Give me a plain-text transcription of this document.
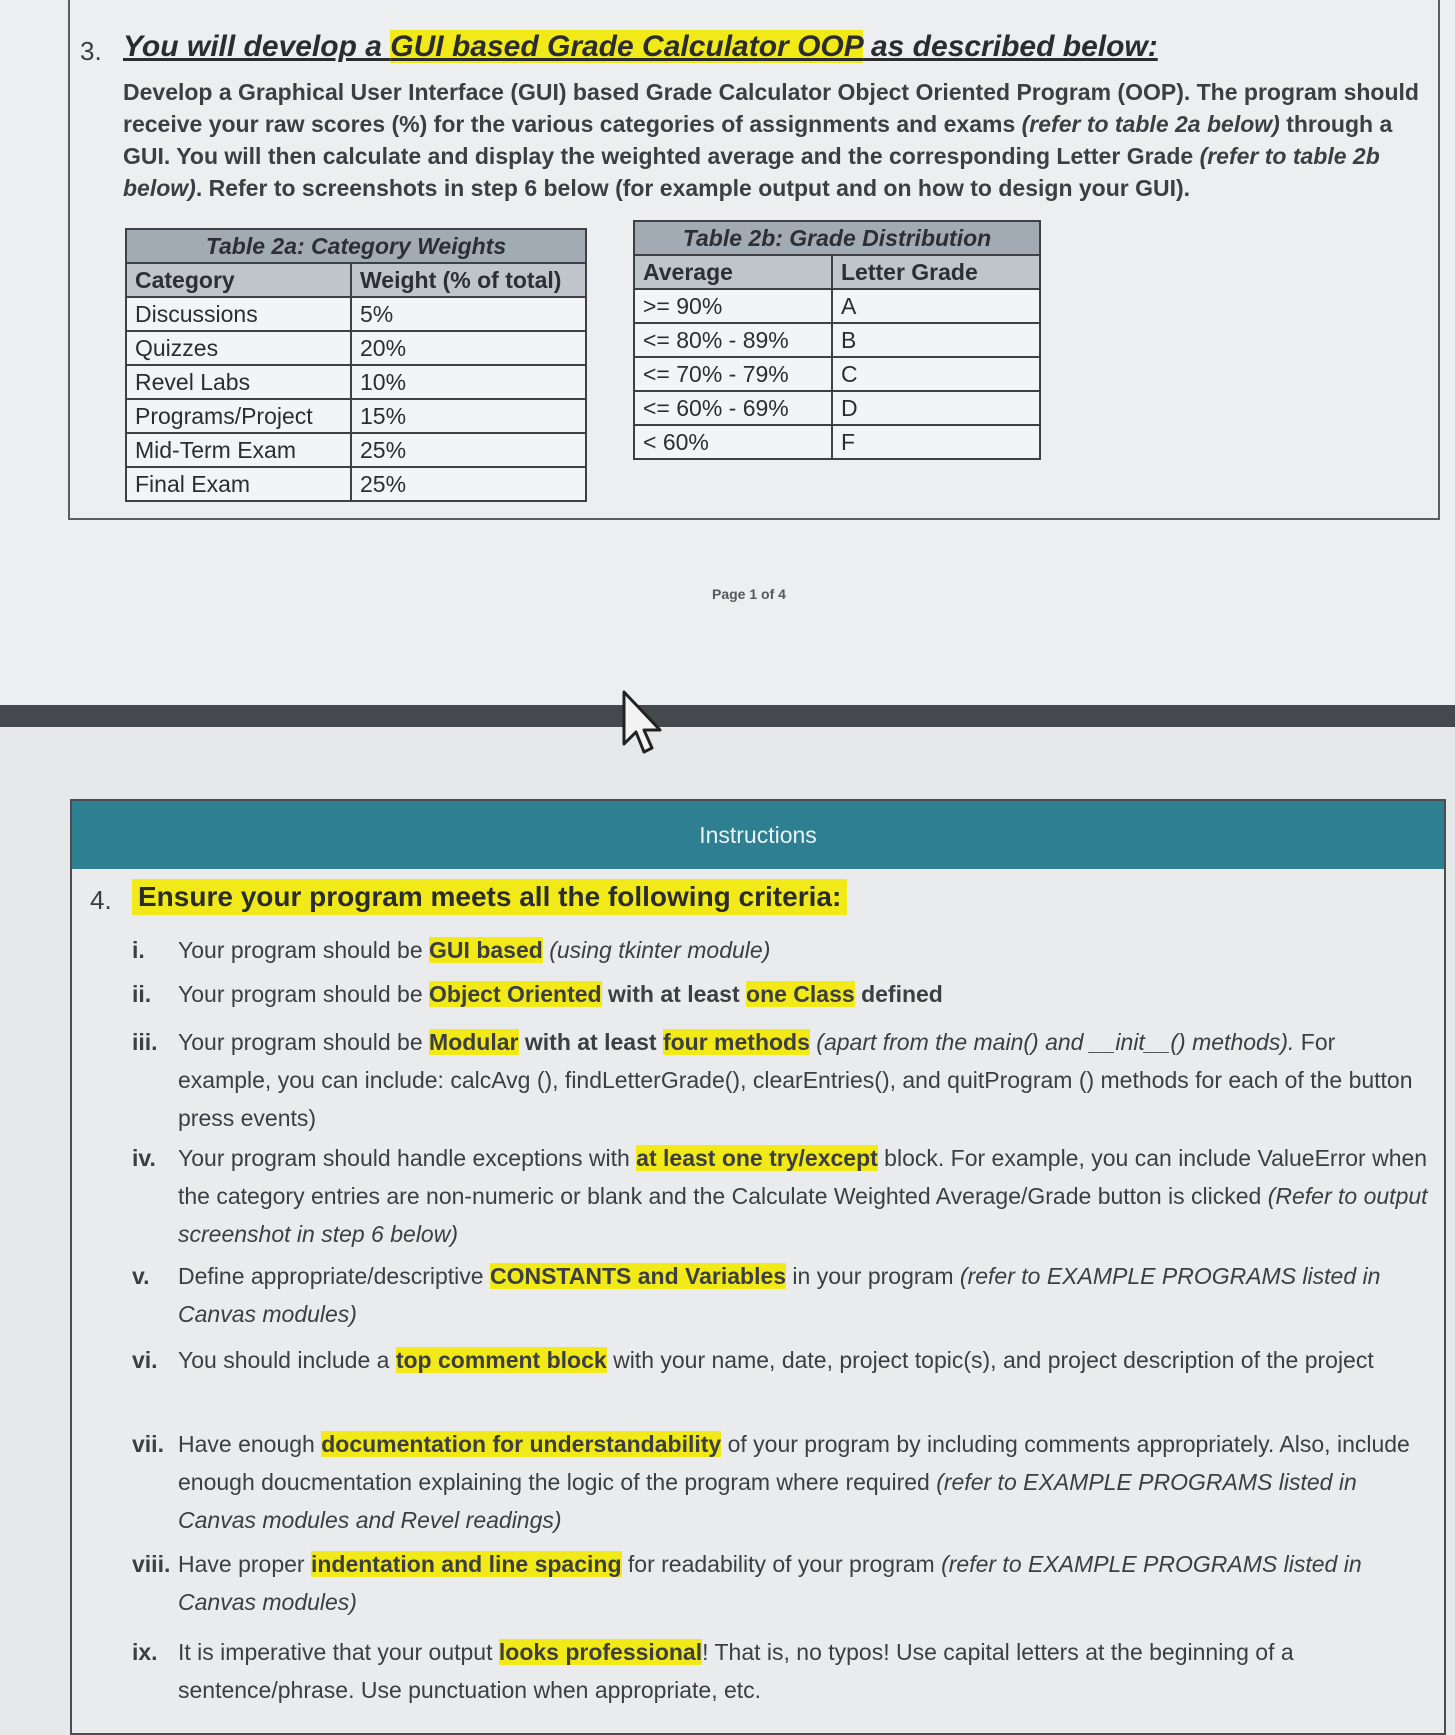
3. You will develop a GUI based Grade Calculator OOP as described below:
Develop a Graphical User Interface (GUI) based Grade Calculator Object Oriented Program (OOP). The program should receive your raw scores (%) for the various categories of assignments and exams (refer to table 2a below) through a GUI. You will then calculate and display the weighted average and the corresponding Letter Grade (refer to table 2b below). Refer to screenshots in step 6 below (for example output and on how to design your GUI).
Table 2a: Category Weights	
Category	Weight (% of total)
Discussions	5%
Quizzes	20%
Revel Labs	10%
Programs/Project	15%
Mid-Term Exam	25%
Final Exam	25%
Table 2b: Grade Distribution	
Average	Letter Grade
>= 90%	A
<= 80% - 89%	B
<= 70% - 79%	C
<= 60% - 69%	D
< 60%	F
Page 1 of 4
Instructions
4. Ensure your program meets all the following criteria:
i.	Your program should be GUI based (using tkinter module)
ii.	Your program should be Object Oriented with at least one Class defined
iii. Your program should be Modular with at least four methods (apart from the main() and __init__() methods). For example, you can include: calcAvg (), findLetterGrade(), clearEntries(), and quitProgram () methods for each of the button press events)
iv. Your program should handle exceptions with at least one try/except block. For example, you can include ValueError when the category entries are non-numeric or blank and the Calculate Weighted Average/Grade button is clicked (Refer to output screenshot in step 6 below)
v.	Define appropriate/descriptive CONSTANTS and Variables in your program (refer to EXAMPLE PROGRAMS listed in Canvas modules)
vi. You should include a top comment block with your name, date, project topic(s), and project description of the project
vii. Have enough documentation for understandability of your program by including comments appropriately. Also, include enough doucmentation explaining the logic of the program where required (refer to EXAMPLE PROGRAMS listed in Canvas modules and Revel readings)
viii. Have proper indentation and line spacing for readability of your program (refer to EXAMPLE PROGRAMS listed in Canvas modules)
ix. It is imperative that your output looks professional! That is, no typos! Use capital letters at the beginning of a sentence/phrase. Use punctuation when appropriate, etc.
